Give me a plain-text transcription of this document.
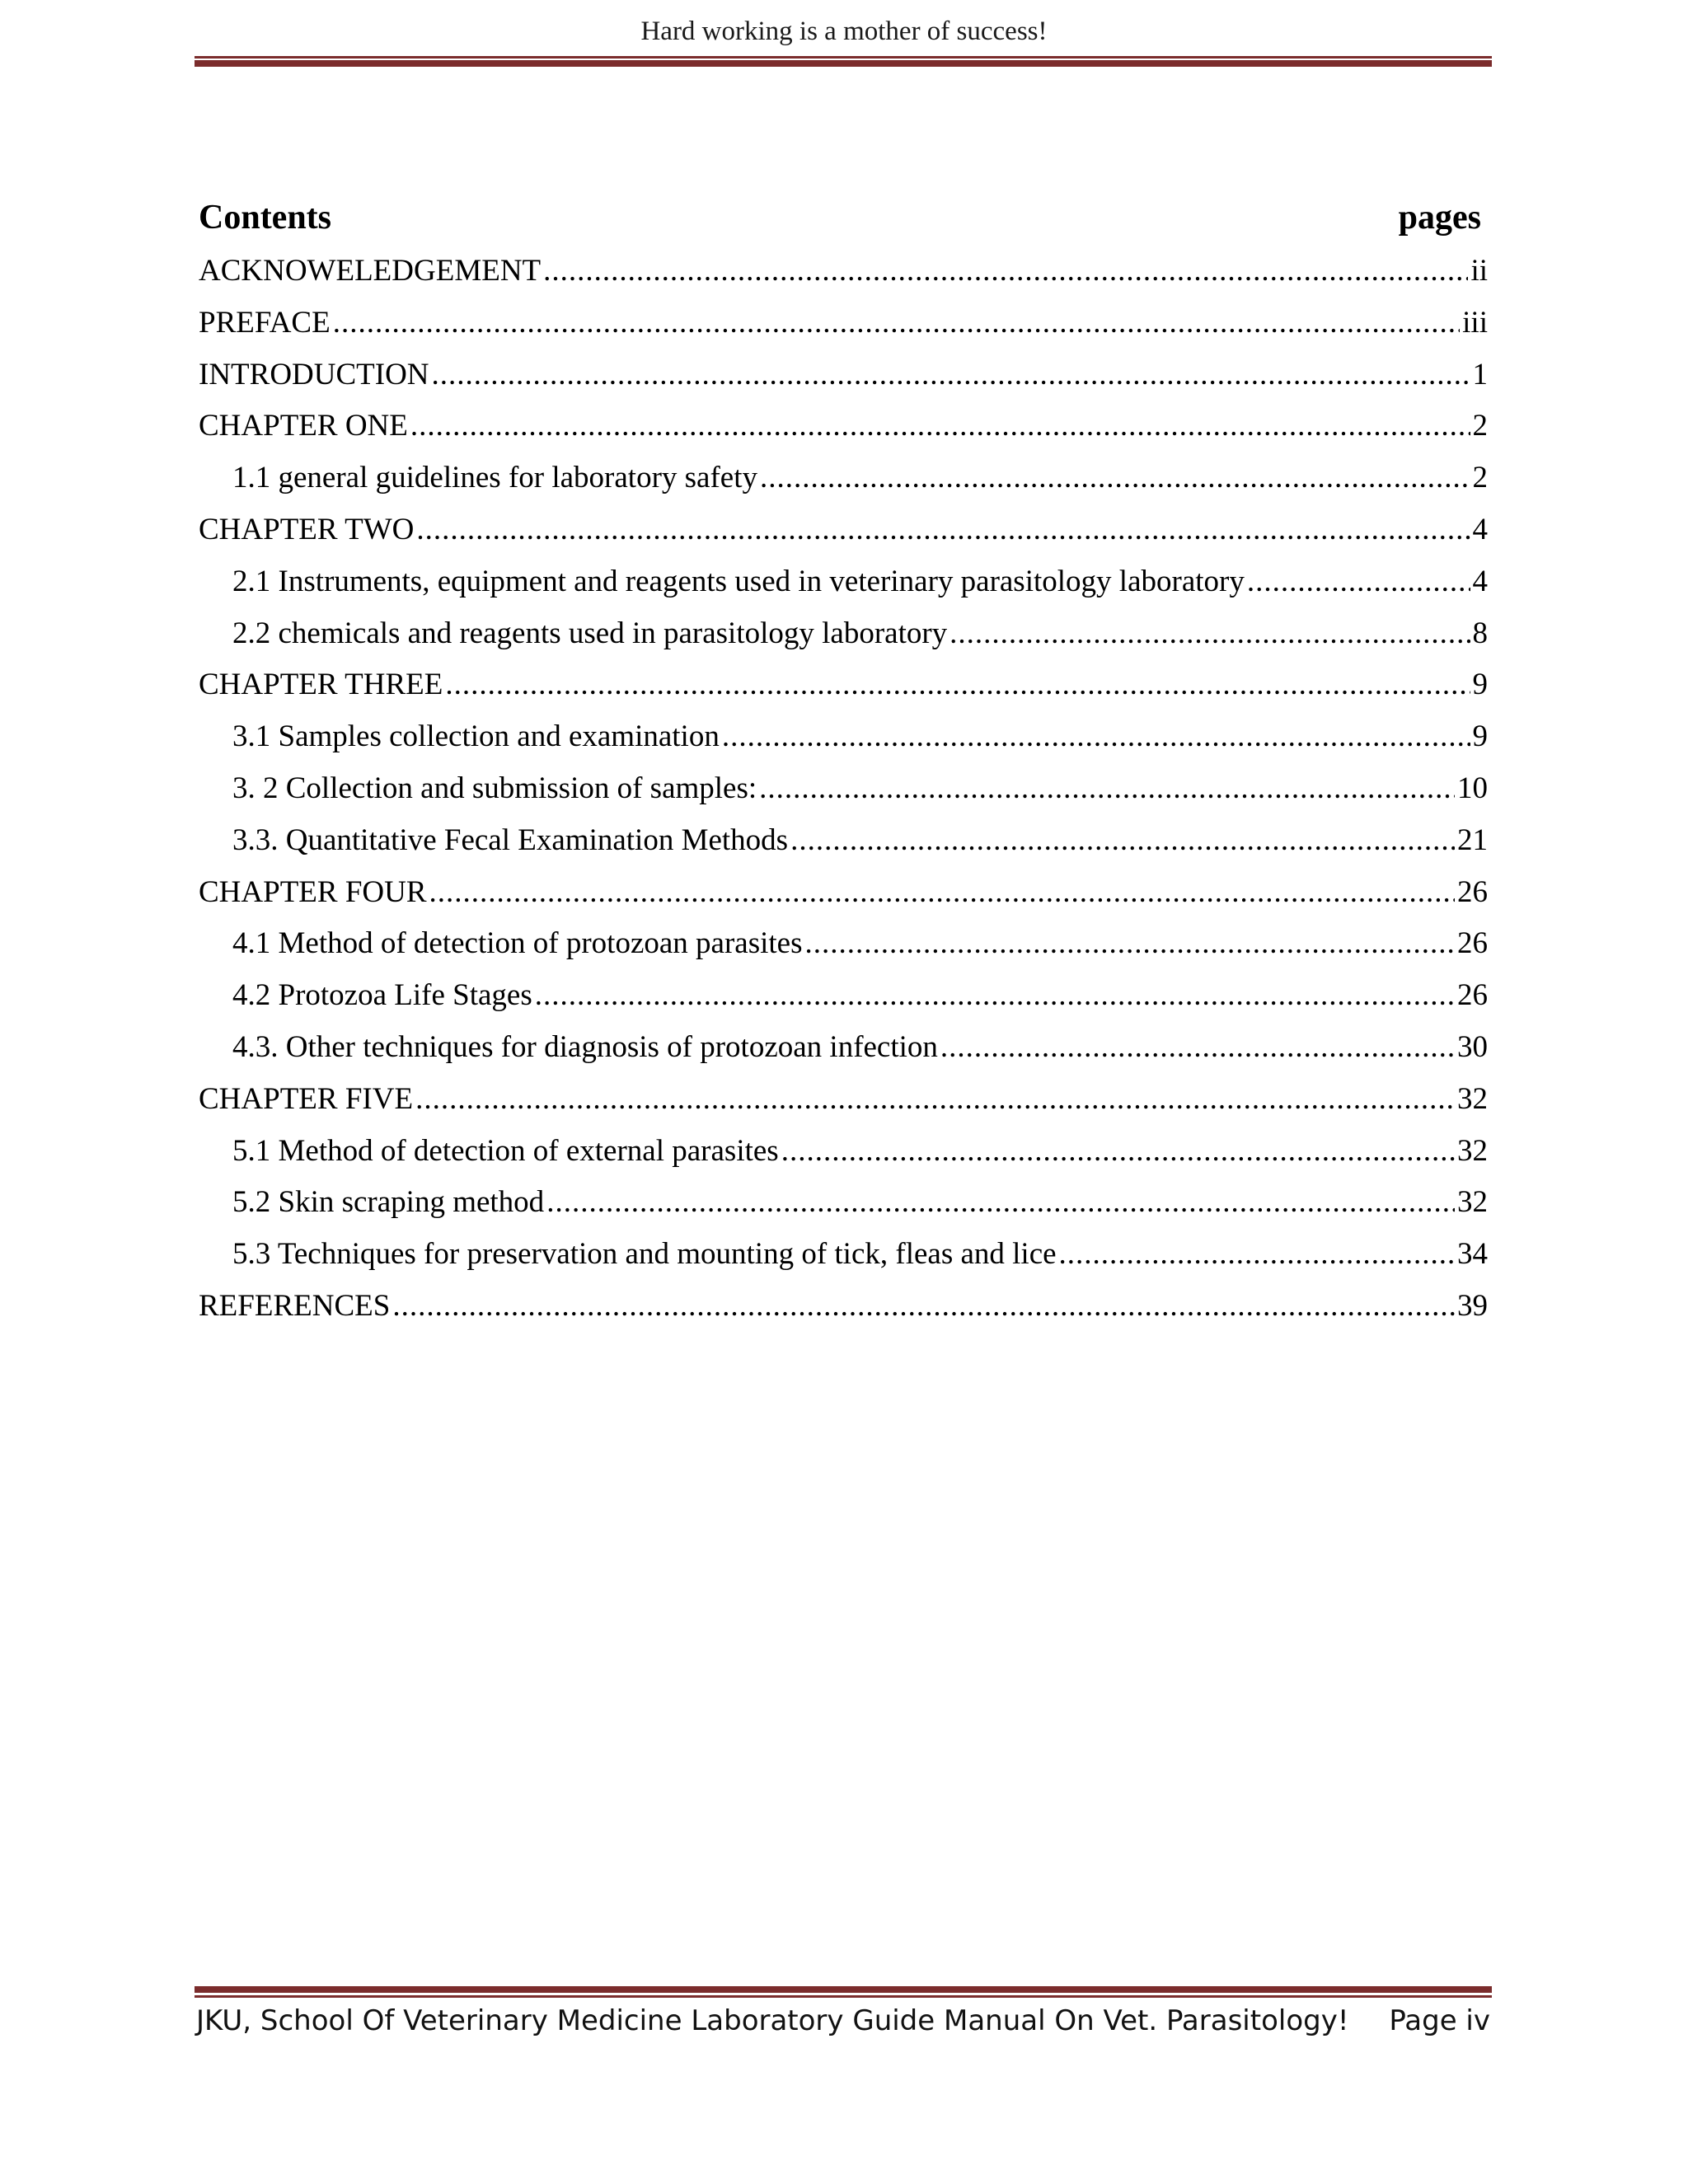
Hard working is a mother of success!
Contents	pages
ACKNOWELEDGEMENT .....	ii
PREFACE .....	iii
INTRODUCTION .....	1
CHAPTER ONE .....	2
1.1 general guidelines for laboratory safety .....	2
CHAPTER TWO .....	4
2.1 Instruments, equipment and reagents used in veterinary parasitology laboratory .....	4
2.2 chemicals and reagents used in parasitology laboratory .....	8
CHAPTER THREE .....	9
3.1 Samples collection and examination .....	9
3. 2 Collection and submission of samples: .....	10
3.3. Quantitative Fecal Examination Methods .....	21
CHAPTER FOUR .....	26
4.1 Method of detection of protozoan parasites .....	26
4.2 Protozoa Life Stages .....	26
4.3. Other techniques for diagnosis of protozoan infection .....	30
CHAPTER FIVE .....	32
5.1 Method of detection of external parasites .....	32
5.2 Skin scraping method .....	32
5.3 Techniques for preservation and mounting of tick, fleas and lice .....	34
REFERENCES .....	39
JKU, School Of Veterinary Medicine Laboratory Guide Manual On Vet. Parasitology! Page iv
